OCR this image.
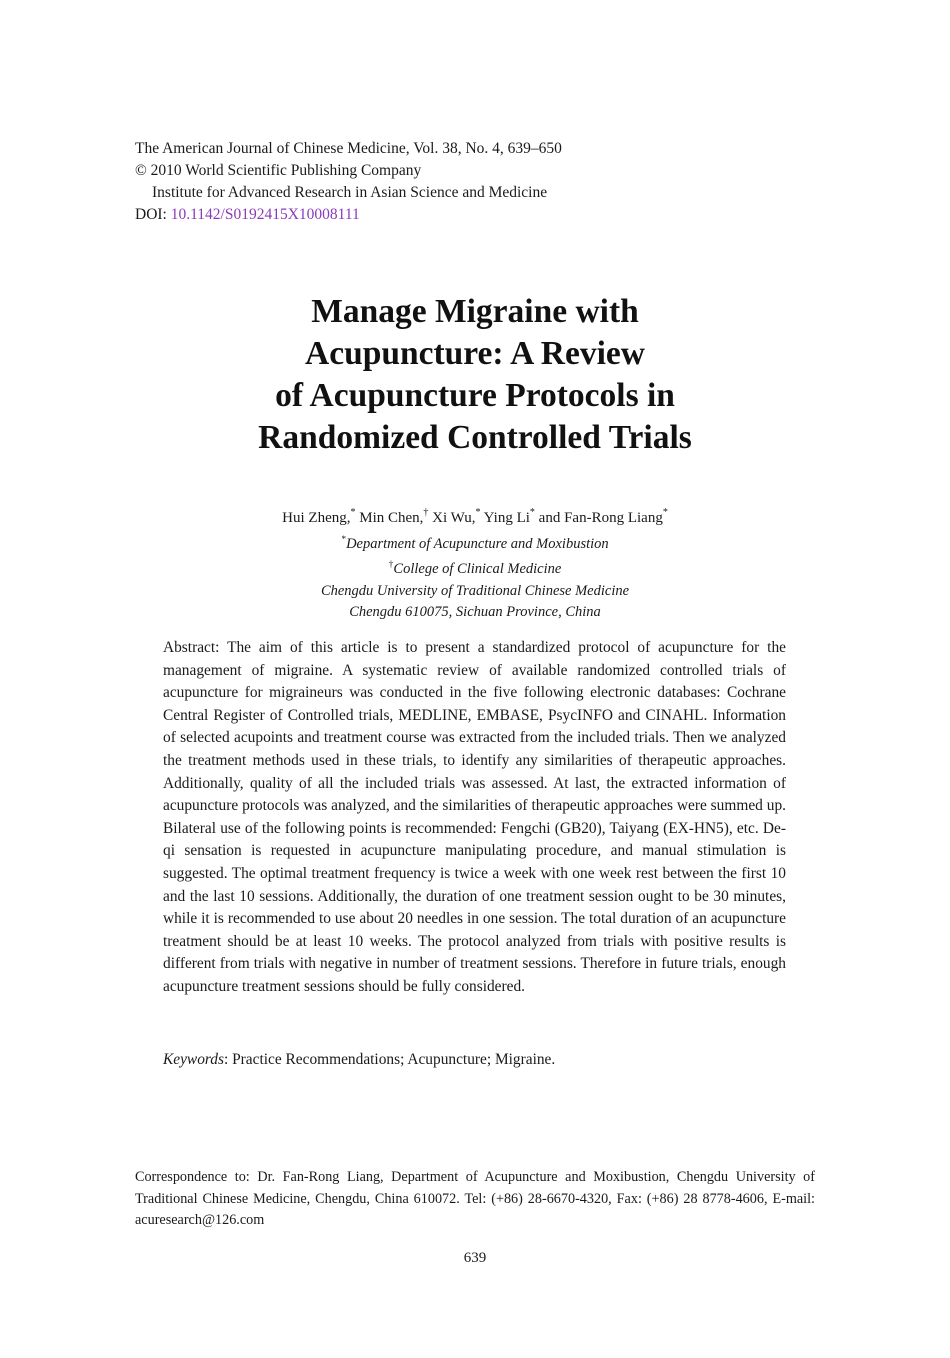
The American Journal of Chinese Medicine, Vol. 38, No. 4, 639–650
© 2010 World Scientific Publishing Company
Institute for Advanced Research in Asian Science and Medicine
DOI: 10.1142/S0192415X10008111
Manage Migraine with
Acupuncture: A Review
of Acupuncture Protocols in
Randomized Controlled Trials
Hui Zheng,* Min Chen,† Xi Wu,* Ying Li* and Fan-Rong Liang*
*Department of Acupuncture and Moxibustion
†College of Clinical Medicine
Chengdu University of Traditional Chinese Medicine
Chengdu 610075, Sichuan Province, China
Abstract: The aim of this article is to present a standardized protocol of acupuncture for the management of migraine. A systematic review of available randomized controlled trials of acupuncture for migraineurs was conducted in the five following electronic databases: Cochrane Central Register of Controlled trials, MEDLINE, EMBASE, PsycINFO and CINAHL. Information of selected acupoints and treatment course was extracted from the included trials. Then we analyzed the treatment methods used in these trials, to identify any similarities of therapeutic approaches. Additionally, quality of all the included trials was assessed. At last, the extracted information of acupuncture protocols was analyzed, and the similarities of therapeutic approaches were summed up. Bilateral use of the following points is recommended: Fengchi (GB20), Taiyang (EX-HN5), etc. De-qi sensation is requested in acupuncture manipulating procedure, and manual stimulation is suggested. The optimal treatment frequency is twice a week with one week rest between the first 10 and the last 10 sessions. Additionally, the duration of one treatment session ought to be 30 minutes, while it is recommended to use about 20 needles in one session. The total duration of an acupuncture treatment should be at least 10 weeks. The protocol analyzed from trials with positive results is different from trials with negative in number of treatment sessions. Therefore in future trials, enough acupuncture treatment sessions should be fully considered.
Keywords: Practice Recommendations; Acupuncture; Migraine.
Correspondence to: Dr. Fan-Rong Liang, Department of Acupuncture and Moxibustion, Chengdu University of Traditional Chinese Medicine, Chengdu, China 610072. Tel: (+86) 28-6670-4320, Fax: (+86) 28 8778-4606, E-mail: acuresearch@126.com
639
